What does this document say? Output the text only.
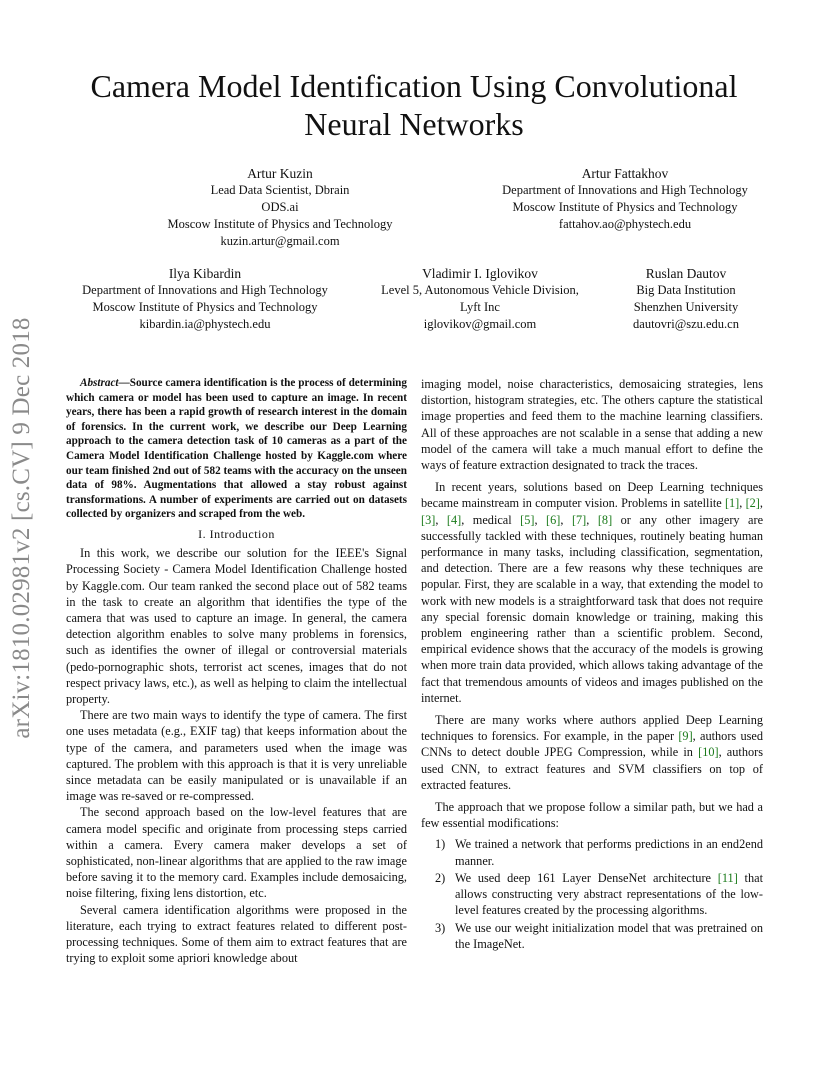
arXiv:1810.02981v2 [cs.CV] 9 Dec 2018
Camera Model Identification Using Convolutional Neural Networks
Artur Kuzin
Lead Data Scientist, Dbrain
ODS.ai
Moscow Institute of Physics and Technology
kuzin.artur@gmail.com
Artur Fattakhov
Department of Innovations and High Technology
Moscow Institute of Physics and Technology
fattahov.ao@phystech.edu
Ilya Kibardin
Department of Innovations and High Technology
Moscow Institute of Physics and Technology
kibardin.ia@phystech.edu
Vladimir I. Iglovikov
Level 5, Autonomous Vehicle Division,
Lyft Inc
iglovikov@gmail.com
Ruslan Dautov
Big Data Institution
Shenzhen University
dautovri@szu.edu.cn

Abstract—Source camera identification is the process of determining which camera or model has been used to capture an image. In recent years, there has been a rapid growth of research interest in the domain of forensics. In the current work, we describe our Deep Learning approach to the camera detection task of 10 cameras as a part of the Camera Model Identification Challenge hosted by Kaggle.com where our team finished 2nd out of 582 teams with the accuracy on the unseen data of 98%. Augmentations that allowed a stay robust against transformations. A number of experiments are carried out on datasets collected by organizers and scraped from the web.

I. Introduction

In this work, we describe our solution for the IEEE's Signal Processing Society - Camera Model Identification Challenge hosted by Kaggle.com. Our team ranked the second place out of 582 teams in the task to create an algorithm that identifies the type of the camera that was used to capture an image. In general, the camera detection algorithm enables to solve many problems in forensics, such as identifies the owner of illegal or controversial materials (pedo-pornographic shots, terrorist act scenes, images that do not respect privacy laws, etc.), as well as helping to claim the intellectual property.

There are two main ways to identify the type of camera. The first one uses metadata (e.g., EXIF tag) that keeps information about the type of the camera, and parameters used when the image was captured. The problem with this approach is that it is very unreliable since metadata can be easily manipulated or is unavailable if an image was re-saved or re-compressed.

The second approach based on the low-level features that are camera model specific and originate from processing steps carried within a camera. Every camera maker develops a set of sophisticated, non-linear algorithms that are applied to the raw image before saving it to the memory card. Examples include demosaicing, noise filtering, fixing lens distortion, etc.

Several camera identification algorithms were proposed in the literature, each trying to extract features related to different post-processing techniques. Some of them aim to extract features that are trying to exploit some apriori knowledge about

imaging model, noise characteristics, demosaicing strategies, lens distortion, histogram strategies, etc. The others capture the statistical image properties and feed them to the machine learning classifiers. All of these approaches are not scalable in a sense that adding a new model of the camera will take a much manual effort to define the ways of feature extraction designated to track the traces.

In recent years, solutions based on Deep Learning techniques became mainstream in computer vision. Problems in satellite [1], [2], [3], [4], medical [5], [6], [7], [8] or any other imagery are successfully tackled with these techniques, routinely beating human performance in many tasks, including classification, segmentation, and detection. There are a few reasons why these techniques are popular. First, they are scalable in a way, that extending the model to work with new models is a straightforward task that does not require any special forensic domain knowledge or training, making this problem engineering rather than a scientific problem. Second, empirical evidence shows that the accuracy of the models is growing when more train data provided, which allows taking advantage of the fact that tremendous amounts of videos and images published on the internet.

There are many works where authors applied Deep Learning techniques to forensics. For example, in the paper [9], authors used CNNs to detect double JPEG Compression, while in [10], authors used CNN, to extract features and SVM classifiers on top of extracted features.

The approach that we propose follow a similar path, but we had a few essential modifications:

1) We trained a network that performs predictions in an end2end manner.
2) We used deep 161 Layer DenseNet architecture [11] that allows constructing very abstract representations of the low-level features created by the processing algorithms.
3) We use our weight initialization model that was pretrained on the ImageNet.
